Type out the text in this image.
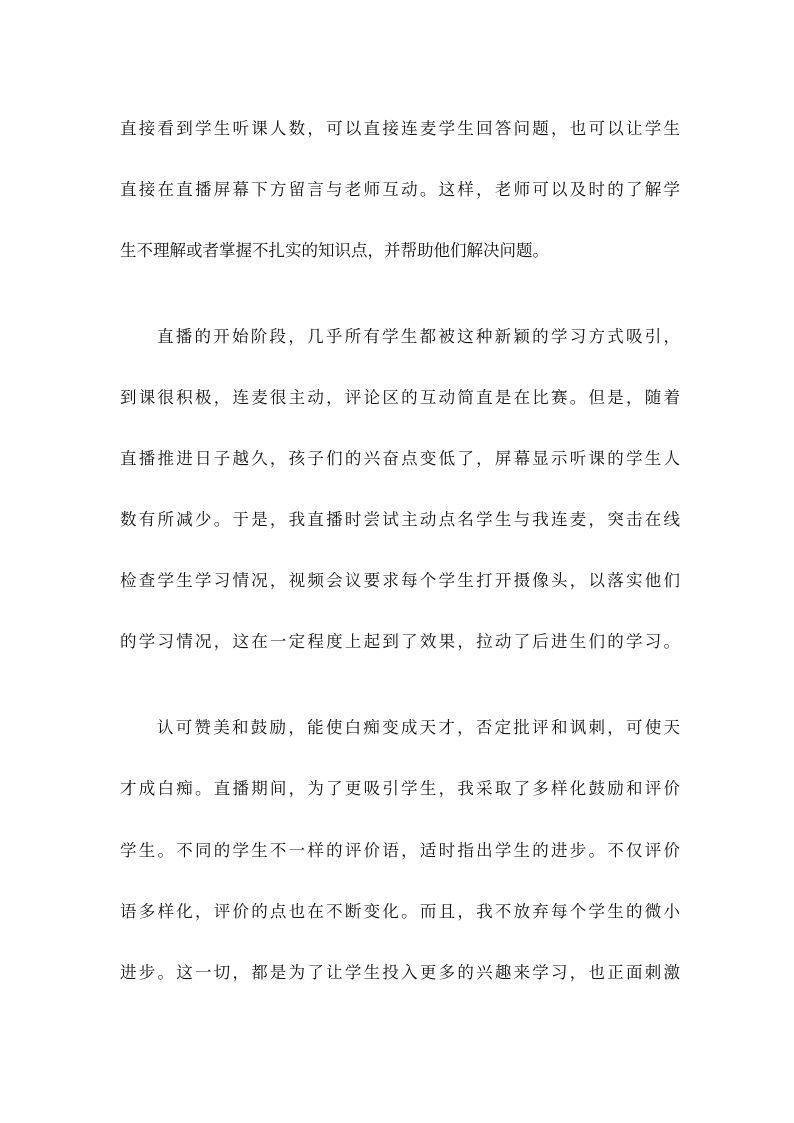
直接看到学生听课人数，可以直接连麦学生回答问题，也可以让学生
直接在直播屏幕下方留言与老师互动。这样，老师可以及时的了解学
生不理解或者掌握不扎实的知识点，并帮助他们解决问题。
直播的开始阶段，几乎所有学生都被这种新颖的学习方式吸引，
到课很积极，连麦很主动，评论区的互动简直是在比赛。但是，随着
直播推进日子越久，孩子们的兴奋点变低了，屏幕显示听课的学生人
数有所减少。于是，我直播时尝试主动点名学生与我连麦，突击在线
检查学生学习情况，视频会议要求每个学生打开摄像头，以落实他们
的学习情况，这在一定程度上起到了效果，拉动了后进生们的学习。
认可赞美和鼓励，能使白痴变成天才，否定批评和讽刺，可使天
才成白痴。直播期间，为了更吸引学生，我采取了多样化鼓励和评价
学生。不同的学生不一样的评价语，适时指出学生的进步。不仅评价
语多样化，评价的点也在不断变化。而且，我不放弃每个学生的微小
进步。这一切，都是为了让学生投入更多的兴趣来学习，也正面刺激
